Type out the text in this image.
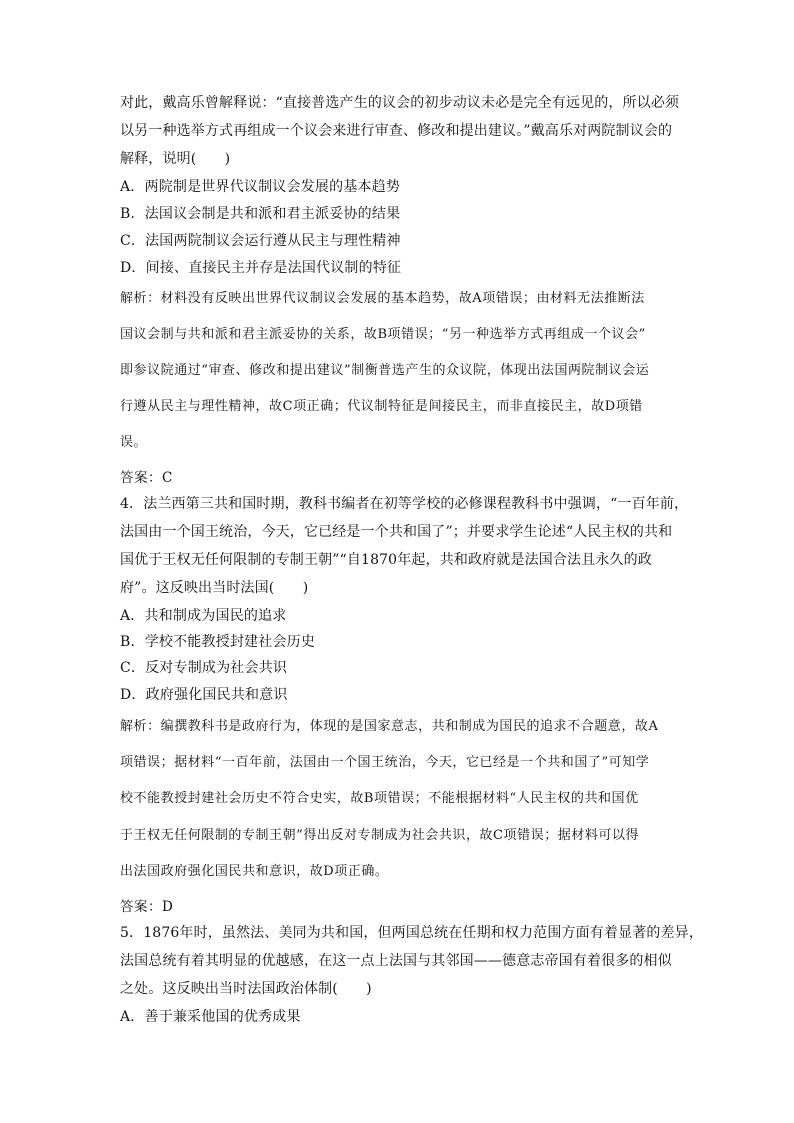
对此，戴高乐曾解释说：“直接普选产生的议会的初步动议未必是完全有远见的，所以必须
以另一种选举方式再组成一个议会来进行审查、修改和提出建议。”戴高乐对两院制议会的
解释，说明(　　)
A．两院制是世界代议制议会发展的基本趋势
B．法国议会制是共和派和君主派妥协的结果
C．法国两院制议会运行遵从民主与理性精神
D．间接、直接民主并存是法国代议制的特征
解析：材料没有反映出世界代议制议会发展的基本趋势，故A项错误；由材料无法推断法
国议会制与共和派和君主派妥协的关系，故B项错误；“另一种选举方式再组成一个议会”
即参议院通过“审查、修改和提出建议”制衡普选产生的众议院，体现出法国两院制议会运
行遵从民主与理性精神，故C项正确；代议制特征是间接民主，而非直接民主，故D项错
误。
答案：C
4．法兰西第三共和国时期，教科书编者在初等学校的必修课程教科书中强调，“一百年前，
法国由一个国王统治，今天，它已经是一个共和国了”；并要求学生论述“人民主权的共和
国优于王权无任何限制的专制王朝”“自1870年起，共和政府就是法国合法且永久的政
府”。这反映出当时法国(　　)
A．共和制成为国民的追求
B．学校不能教授封建社会历史
C．反对专制成为社会共识
D．政府强化国民共和意识
解析：编撰教科书是政府行为，体现的是国家意志，共和制成为国民的追求不合题意，故A
项错误；据材料“一百年前，法国由一个国王统治，今天，它已经是一个共和国了”可知学
校不能教授封建社会历史不符合史实，故B项错误；不能根据材料“人民主权的共和国优
于王权无任何限制的专制王朝”得出反对专制成为社会共识，故C项错误；据材料可以得
出法国政府强化国民共和意识，故D项正确。
答案：D
5．1876年时，虽然法、美同为共和国，但两国总统在任期和权力范围方面有着显著的差异，
法国总统有着其明显的优越感，在这一点上法国与其邻国——德意志帝国有着很多的相似
之处。这反映出当时法国政治体制(　　)
A．善于兼采他国的优秀成果
